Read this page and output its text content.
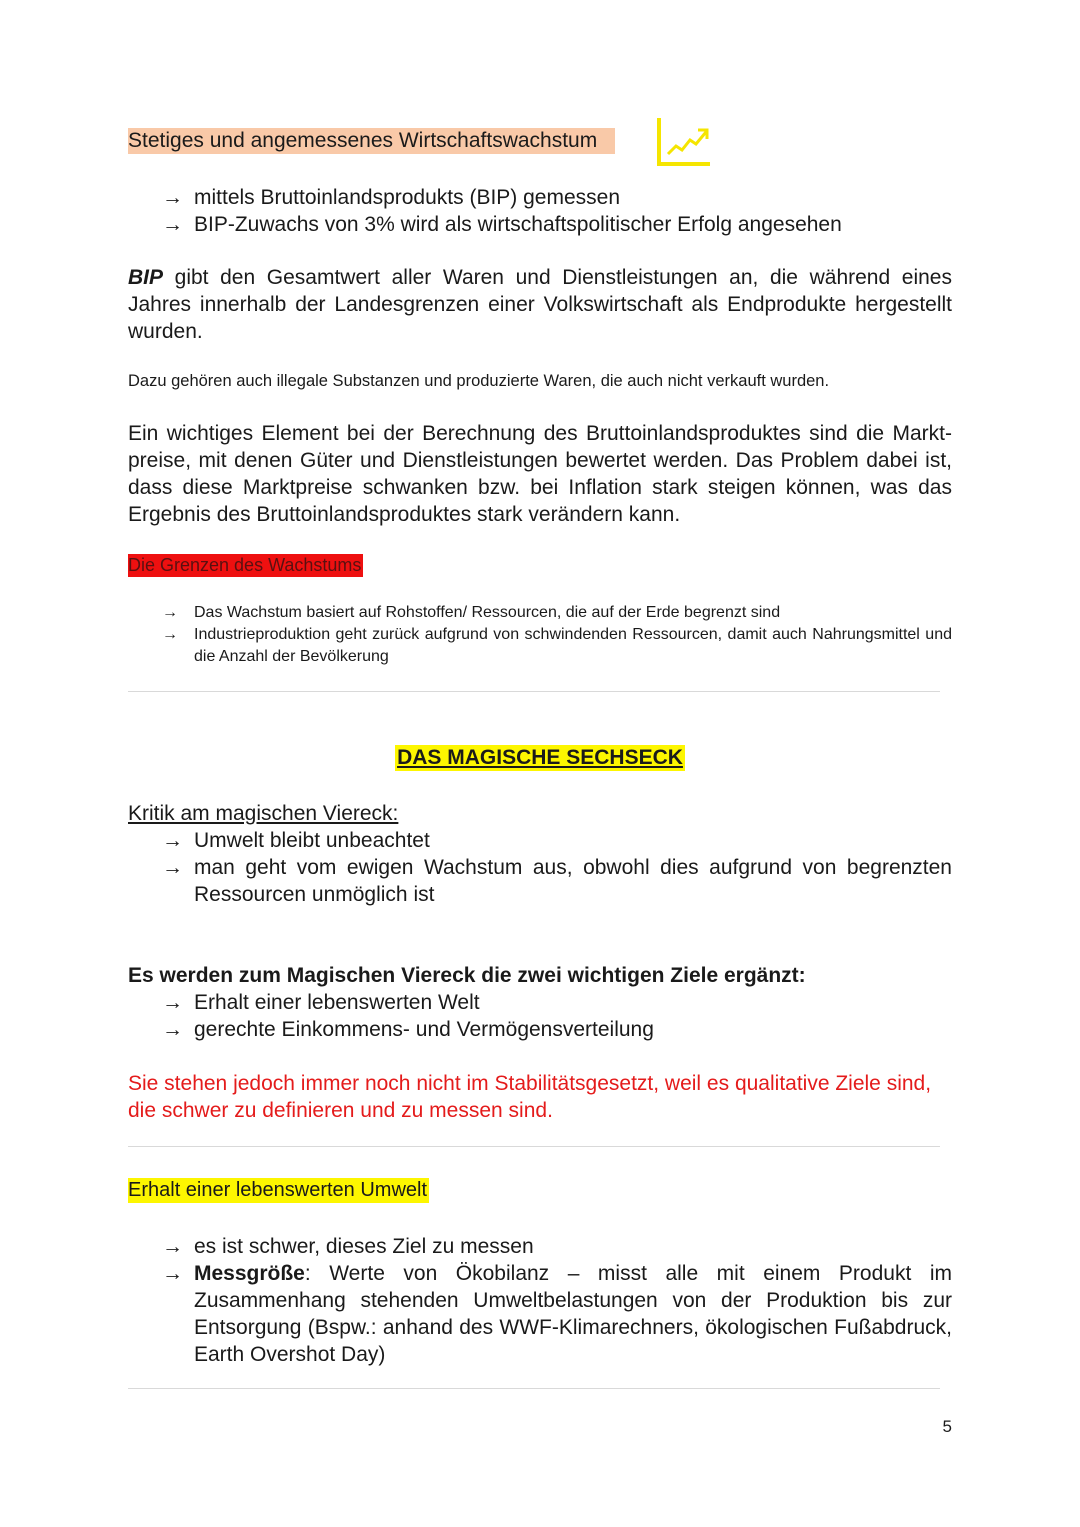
Stetiges und angemessenes Wirtschaftswachstum
→ mittels Bruttoinlandsprodukts (BIP) gemessen
→ BIP-Zuwachs von 3% wird als wirtschaftspolitischer Erfolg angesehen

BIP gibt den Gesamtwert aller Waren und Dienstleistungen an, die während eines Jahres innerhalb der Landesgrenzen einer Volkswirtschaft als Endprodukte hergestellt wurden.

Dazu gehören auch illegale Substanzen und produzierte Waren, die auch nicht verkauft wurden.

Ein wichtiges Element bei der Berechnung des Bruttoinlandsproduktes sind die Markt-preise, mit denen Güter und Dienstleistungen bewertet werden. Das Problem dabei ist, dass diese Marktpreise schwanken bzw. bei Inflation stark steigen können, was das Ergebnis des Bruttoinlandsproduktes stark verändern kann.

Die Grenzen des Wachstums
→ Das Wachstum basiert auf Rohstoffen/ Ressourcen, die auf der Erde begrenzt sind
→ Industrieproduktion geht zurück aufgrund von schwindenden Ressourcen, damit auch Nahrungsmittel und die Anzahl der Bevölkerung
DAS MAGISCHE SECHSECK
Kritik am magischen Viereck:
→ Umwelt bleibt unbeachtet
→ man geht vom ewigen Wachstum aus, obwohl dies aufgrund von begrenzten Ressourcen unmöglich ist
Es werden zum Magischen Viereck die zwei wichtigen Ziele ergänzt:
→ Erhalt einer lebenswerten Welt
→ gerechte Einkommens- und Vermögensverteilung

Sie stehen jedoch immer noch nicht im Stabilitätsgesetzt, weil es qualitative Ziele sind, die schwer zu definieren und zu messen sind.

Erhalt einer lebenswerten Umwelt
→ es ist schwer, dieses Ziel zu messen
→ Messgröße: Werte von Ökobilanz – misst alle mit einem Produkt im Zusammenhang stehenden Umweltbelastungen von der Produktion bis zur Entsorgung (Bspw.: anhand des WWF-Klimarechners, ökologischen Fußabdruck, Earth Overshot Day)
5
